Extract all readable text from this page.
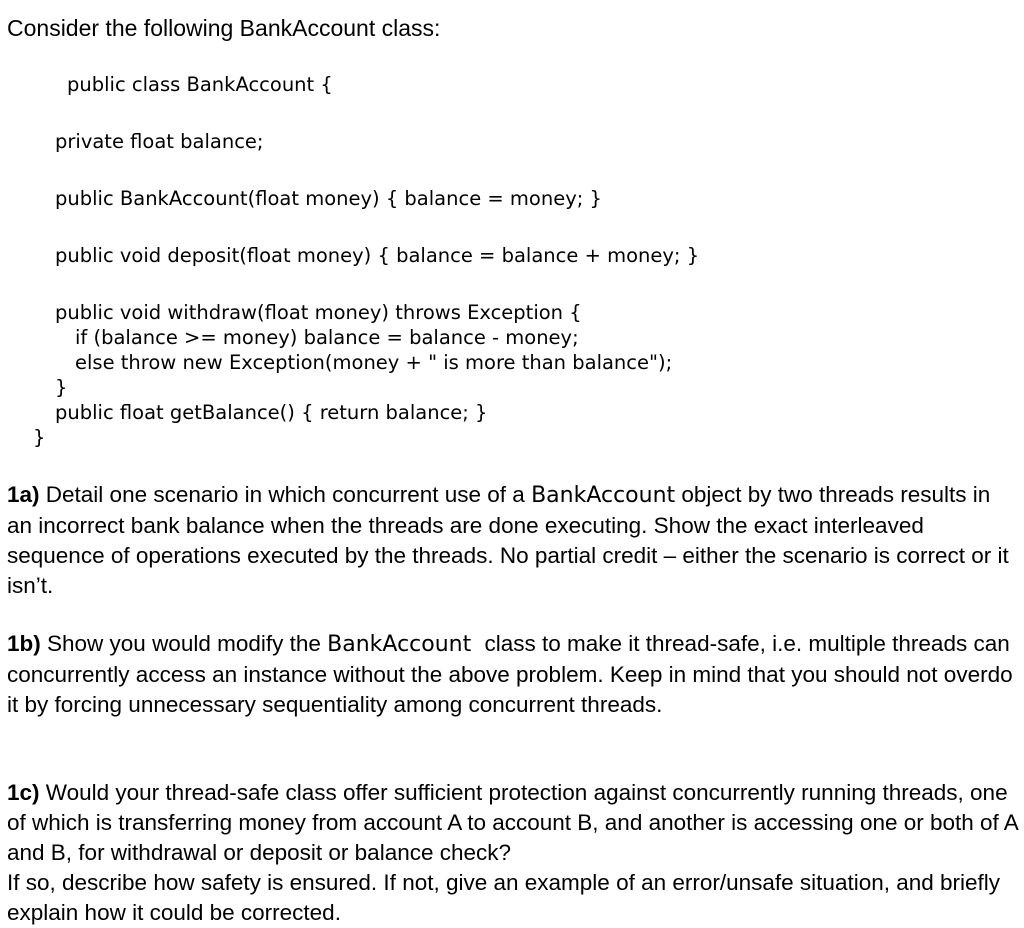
Consider the following BankAccount class:
public class BankAccount {
private float balance;
public BankAccount(float money) { balance = money; }
public void deposit(float money) { balance = balance + money; }
public void withdraw(float money) throws Exception {
if (balance >= money) balance = balance - money;
else throw new Exception(money + " is more than balance");
}
public float getBalance() { return balance; }
}
1a) Detail one scenario in which concurrent use of a BankAccount object by two threads results in an incorrect bank balance when the threads are done executing. Show the exact interleaved sequence of operations executed by the threads. No partial credit – either the scenario is correct or it isn’t.
1b) Show you would modify the BankAccount  class to make it thread-safe, i.e. multiple threads can concurrently access an instance without the above problem. Keep in mind that you should not overdo it by forcing unnecessary sequentiality among concurrent threads.
1c) Would your thread-safe class offer sufficient protection against concurrently running threads, one of which is transferring money from account A to account B, and another is accessing one or both of A and B, for withdrawal or deposit or balance check?
If so, describe how safety is ensured. If not, give an example of an error/unsafe situation, and briefly explain how it could be corrected.
